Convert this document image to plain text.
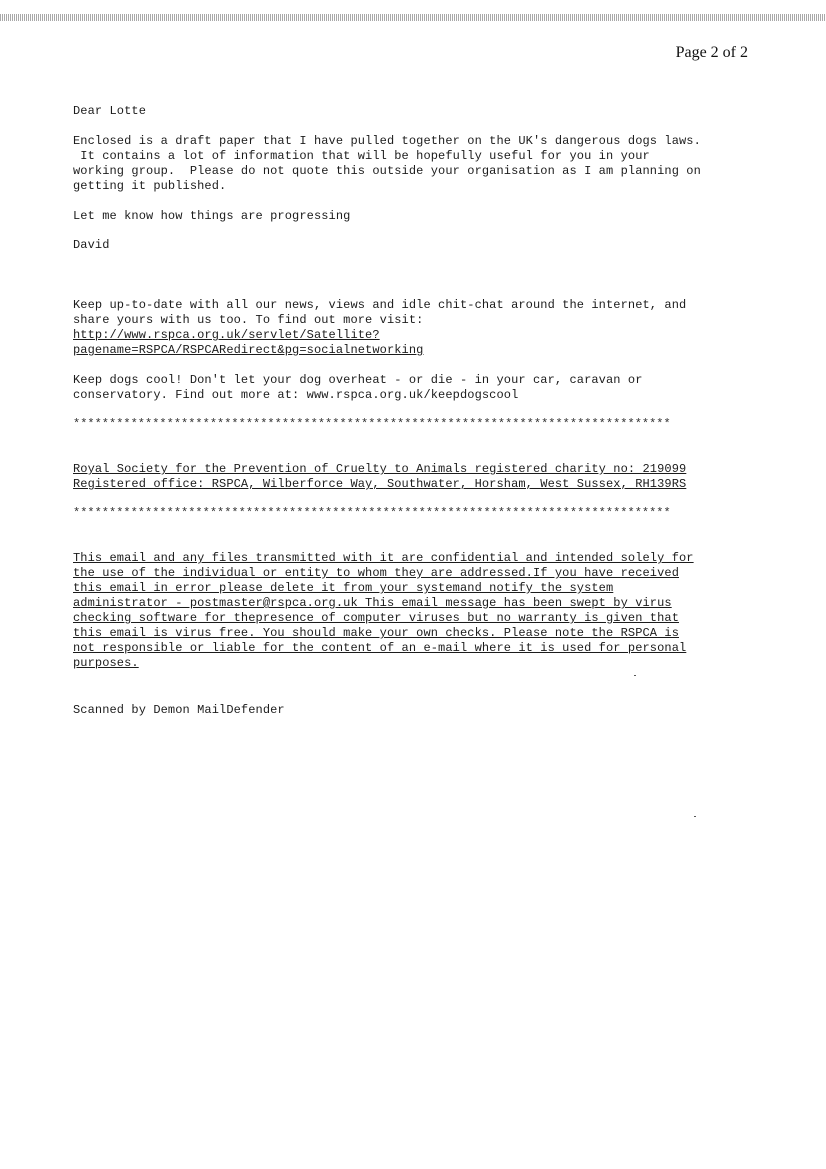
Page 2 of 2

Dear Lotte

Enclosed is a draft paper that I have pulled together on the UK's dangerous dogs laws.
It contains a lot of information that will be hopefully useful for you in your
working group.  Please do not quote this outside your organisation as I am planning on
getting it published.

Let me know how things are progressing

David

Keep up-to-date with all our news, views and idle chit-chat around the internet, and
share yours with us too. To find out more visit:
http://www.rspca.org.uk/servlet/Satellite?
pagename=RSPCA/RSPCARedirect&pg=socialnetworking

Keep dogs cool! Don't let your dog overheat - or die - in your car, caravan or
conservatory. Find out more at: www.rspca.org.uk/keepdogscool

***********************************************************************************

Royal Society for the Prevention of Cruelty to Animals registered charity no: 219099
Registered office: RSPCA, Wilberforce Way, Southwater, Horsham, West Sussex, RH139RS

***********************************************************************************

This email and any files transmitted with it are confidential and intended solely for
the use of the individual or entity to whom they are addressed.If you have received
this email in error please delete it from your systemand notify the system
administrator - postmaster@rspca.org.uk This email message has been swept by virus
checking software for thepresence of computer viruses but no warranty is given that
this email is virus free. You should make your own checks. Please note the RSPCA is
not responsible or liable for the content of an e-mail where it is used for personal
purposes.

Scanned by Demon MailDefender
